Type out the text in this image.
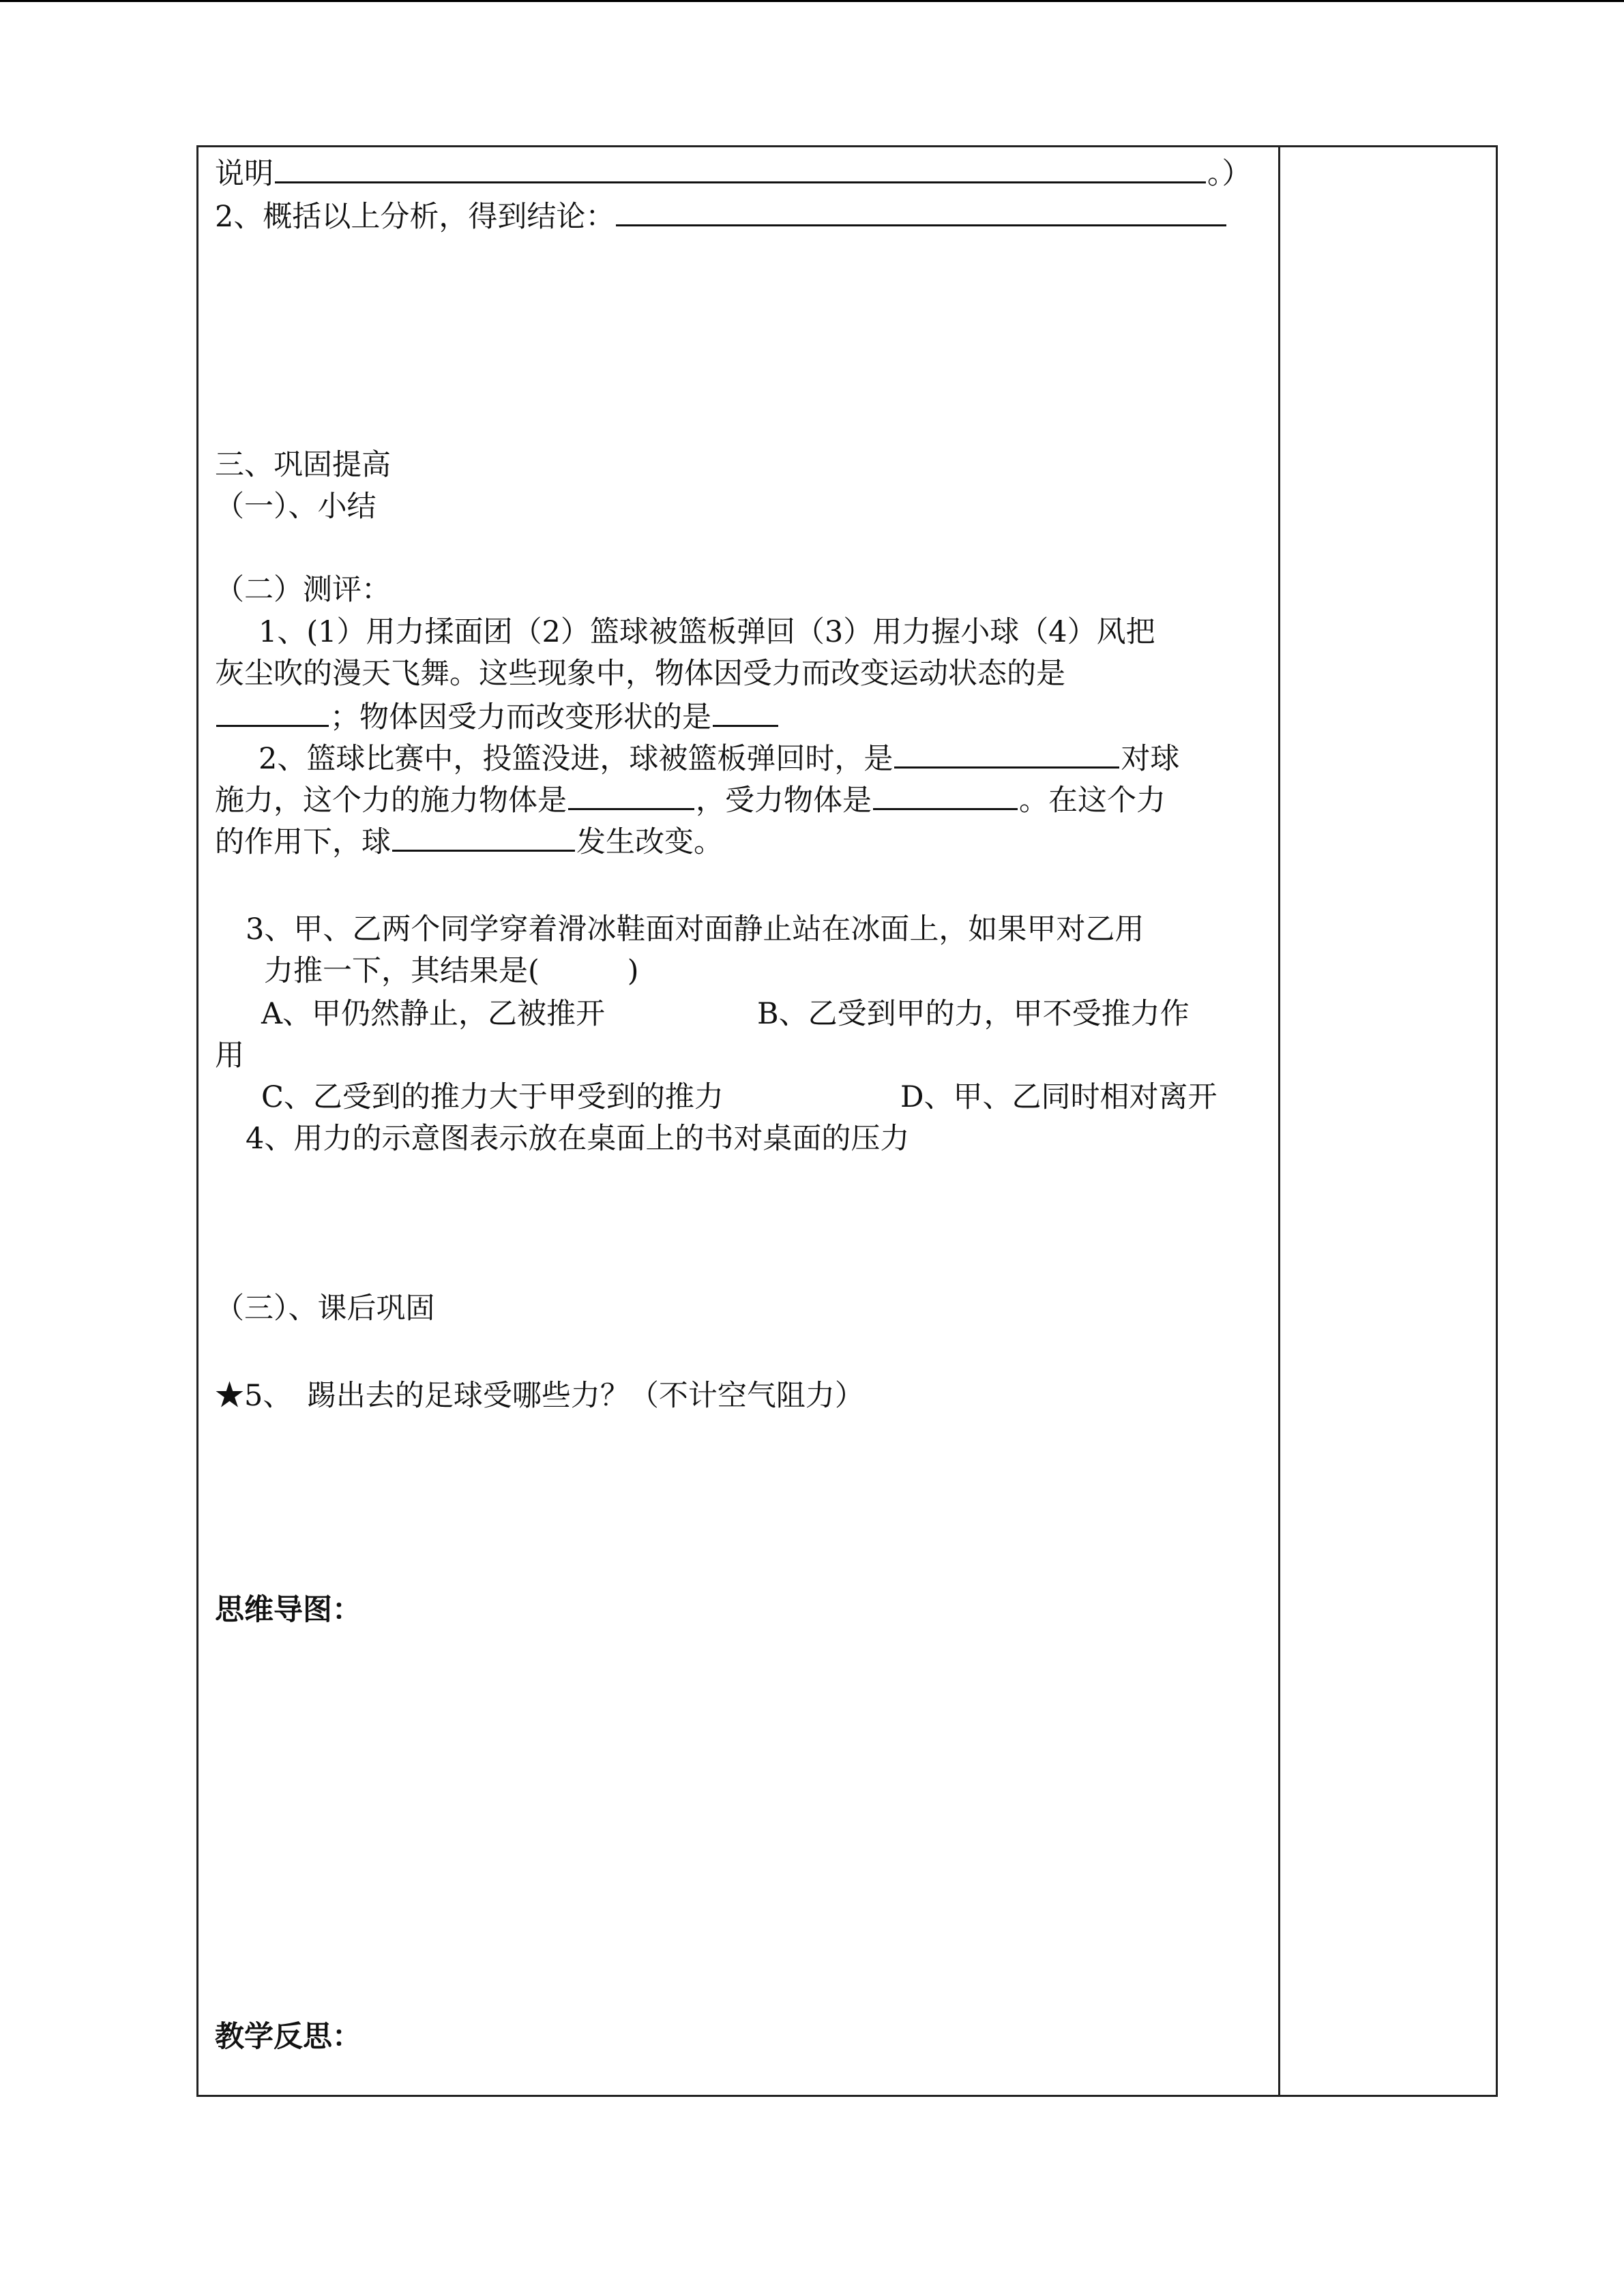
说明	。）
2、概括以上分析，得到结论：
三、巩固提高
（一）、小结
（二）测评：
1、(1）用力揉面团（2）篮球被篮板弹回（3）用力握小球（4）风把
灰尘吹的漫天飞舞。这些现象中，物体因受力而改变运动状态的是
；物体因受力而改变形状的是
2、篮球比赛中，投篮没进，球被篮板弹回时，是	对球
施力，这个力的施力物体是	，受力物体是	。在这个力
的作用下，球	发生改变。
3、甲、乙两个同学穿着滑冰鞋面对面静止站在冰面上，如果甲对乙用
力推一下，其结果是(　　　)
A、甲仍然静止，乙被推开	B、乙受到甲的力，甲不受推力作
用
C、乙受到的推力大于甲受到的推力	D、甲、乙同时相对离开
4、用力的示意图表示放在桌面上的书对桌面的压力
（三）、课后巩固
★5、　踢出去的足球受哪些力？（不计空气阻力）
思维导图：
教学反思：
